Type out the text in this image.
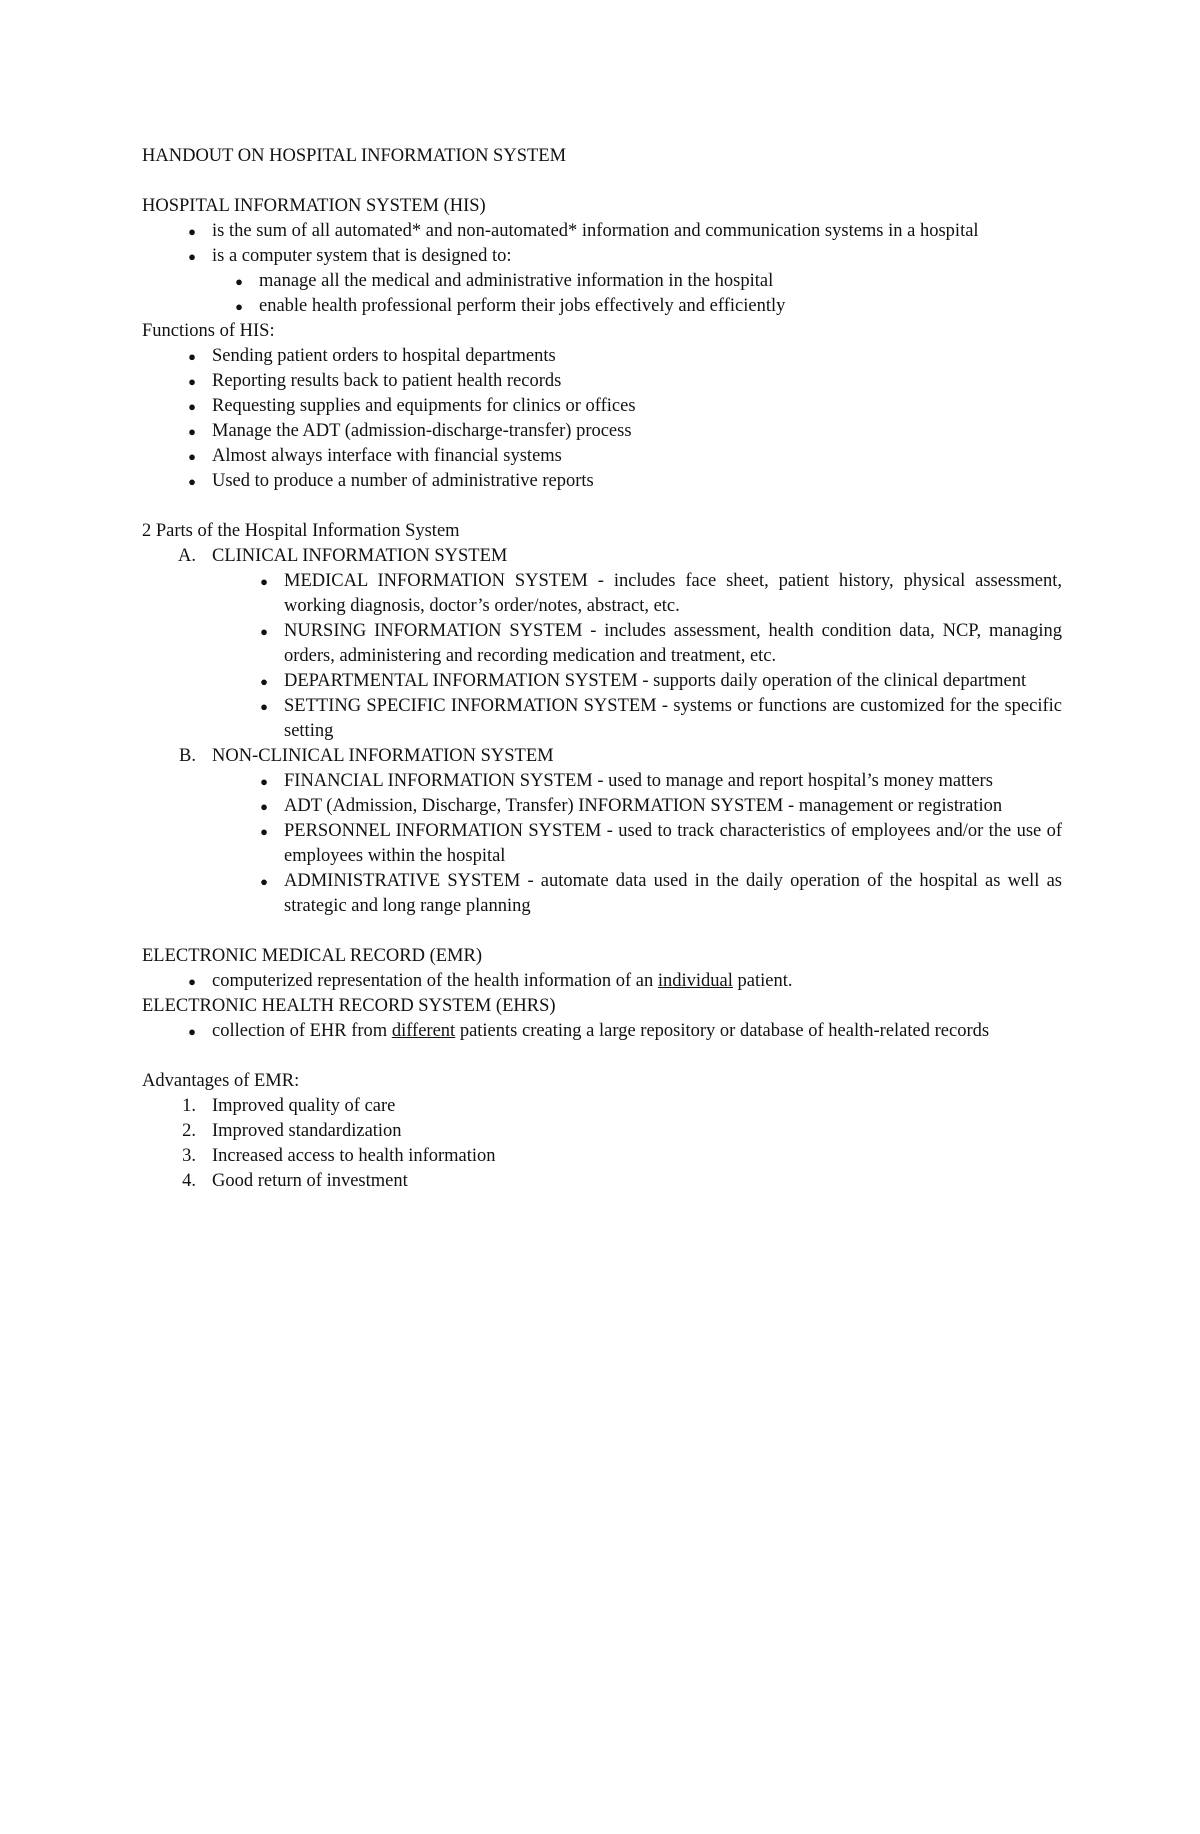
HANDOUT ON HOSPITAL INFORMATION SYSTEM

HOSPITAL INFORMATION SYSTEM (HIS)

● is the sum of all automated* and non-automated* information and communication systems in a hospital
● is a computer system that is designed to:
● manage all the medical and administrative information in the hospital
● enable health professional perform their jobs effectively and efficiently

Functions of HIS:

● Sending patient orders to hospital departments
● Reporting results back to patient health records
● Requesting supplies and equipments for clinics or offices
● Manage the ADT (admission-discharge-transfer) process
● Almost always interface with financial systems
● Used to produce a number of administrative reports

2 Parts of the Hospital Information System

A. CLINICAL INFORMATION SYSTEM
● MEDICAL INFORMATION SYSTEM - includes face sheet, patient history, physical assessment, working diagnosis, doctor’s order/notes, abstract, etc.
● NURSING INFORMATION SYSTEM - includes assessment, health condition data, NCP, managing orders, administering and recording medication and treatment, etc.
● DEPARTMENTAL INFORMATION SYSTEM - supports daily operation of the clinical department
● SETTING SPECIFIC INFORMATION SYSTEM - systems or functions are customized for the specific setting
B. NON-CLINICAL INFORMATION SYSTEM
● FINANCIAL INFORMATION SYSTEM - used to manage and report hospital’s money matters
● ADT (Admission, Discharge, Transfer) INFORMATION SYSTEM - management or registration
● PERSONNEL INFORMATION SYSTEM - used to track characteristics of employees and/or the use of employees within the hospital
● ADMINISTRATIVE SYSTEM - automate data used in the daily operation of the hospital as well as strategic and long range planning

ELECTRONIC MEDICAL RECORD (EMR)

● computerized representation of the health information of an individual patient.

ELECTRONIC HEALTH RECORD SYSTEM (EHRS)

● collection of EHR from different patients creating a large repository or database of health-related records

Advantages of EMR:

1. Improved quality of care
2. Improved standardization
3. Increased access to health information
4. Good return of investment
